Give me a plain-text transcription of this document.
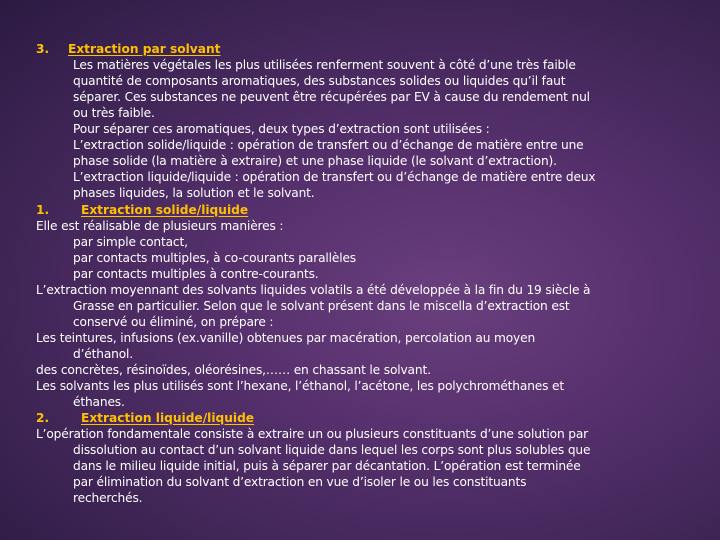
3. Extraction par solvant

Les matières végétales les plus utilisées renferment souvent à côté d’une très faible

quantité de composants aromatiques, des substances solides ou liquides qu’il faut

séparer. Ces substances ne peuvent être récupérées par EV à cause du rendement nul

ou très faible.

Pour séparer ces aromatiques, deux types d’extraction sont utilisées :

L’extraction solide/liquide : opération de transfert ou d’échange de matière entre une

phase solide (la matière à extraire) et une phase liquide (le solvant d’extraction).

L’extraction liquide/liquide : opération de transfert ou d’échange de matière entre deux

phases liquides, la solution et le solvant.

1.	Extraction solide/liquide

Elle est réalisable de plusieurs manières :

par simple contact,

par contacts multiples, à co-courants parallèles

par contacts multiples à contre-courants.

L’extraction moyennant des solvants liquides volatils a été développée à la fin du 19 siècle à

Grasse en particulier. Selon que le solvant présent dans le miscella d’extraction est

conservé ou éliminé, on prépare :

Les teintures, infusions (ex.vanille) obtenues par macération, percolation au moyen

d’éthanol.

des concrètes, résinoïdes, oléorésines,…… en chassant le solvant.

Les solvants les plus utilisés sont l’hexane, l’éthanol, l’acétone, les polychrométhanes et

éthanes.

2.	Extraction liquide/liquide

L’opération fondamentale consiste à extraire un ou plusieurs constituants d’une solution par

dissolution au contact d’un solvant liquide dans lequel les corps sont plus solubles que

dans le milieu liquide initial, puis à séparer par décantation. L’opération est terminée

par élimination du solvant d’extraction en vue d’isoler le ou les constituants

recherchés.
